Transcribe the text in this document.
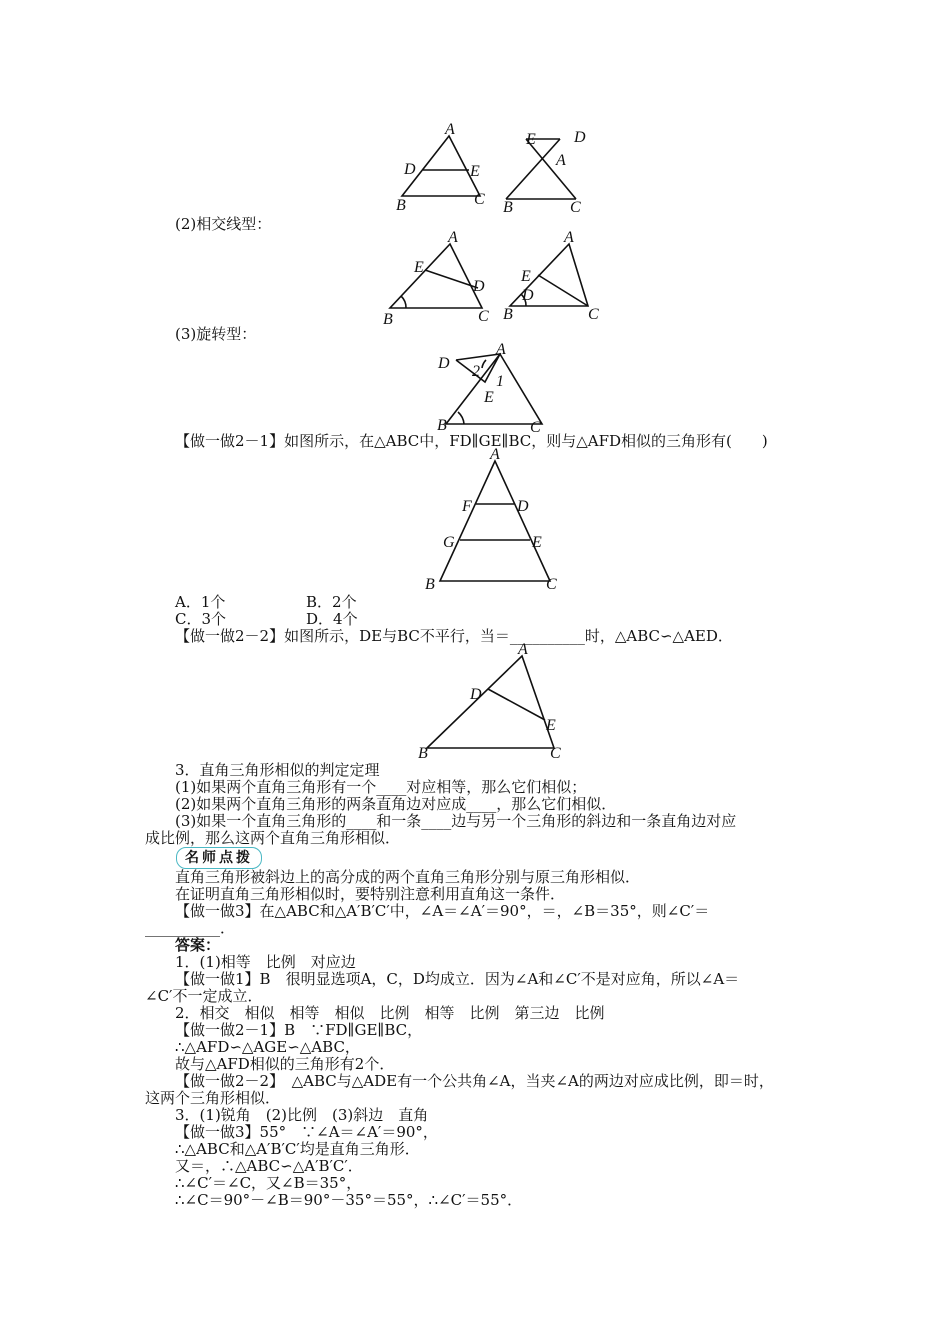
A
D	E
B	C
E D
A
B	C
(2)相交线型：
A
E
D
B	C
A
E
D
B	C
(3)旋转型：
A
D 2
1
E
B	C
【做一做2－1】如图所示，在△ABC中，FD∥GE∥BC，则与△AFD相似的三角形有(　　)
A
F	D
G	E
B	C
A．1个	B．2个
C．3个	D．4个
【做一做2－2】如图所示，DE与BC不平行，当＝__________时，△ABC∽△AED．
A
D
E
B	C
3．直角三角形相似的判定定理
(1)如果两个直角三角形有一个____对应相等，那么它们相似；
(2)如果两个直角三角形的两条直角边对应成____，那么它们相似．
(3)如果一个直角三角形的____和一条____边与另一个三角形的斜边和一条直角边对应
成比例，那么这两个直角三角形相似．
名师点拨
直角三角形被斜边上的高分成的两个直角三角形分别与原三角形相似．
在证明直角三角形相似时，要特别注意利用直角这一条件．
【做一做3】在△ABC和△A′B′C′中，∠A＝∠A′＝90°，＝，∠B＝35°，则∠C′＝
__________．
答案：
1．(1)相等　比例　对应边
【做一做1】B　很明显选项A，C，D均成立．因为∠A和∠C′不是对应角，所以∠A＝
∠C′不一定成立．
2．相交　相似　相等　相似　比例　相等　比例　第三边　比例
【做一做2－1】B　∵FD∥GE∥BC，
∴△AFD∽△AGE∽△ABC，
故与△AFD相似的三角形有2个．
【做一做2－2】　△ABC与△ADE有一个公共角∠A，当夹∠A的两边对应成比例，即＝时，
这两个三角形相似．
3．(1)锐角　(2)比例　(3)斜边　直角
【做一做3】55°　∵∠A＝∠A′＝90°，
∴△ABC和△A′B′C′均是直角三角形．
又＝，∴△ABC∽△A′B′C′．
∴∠C′＝∠C，又∠B＝35°，
∴∠C＝90°－∠B＝90°－35°＝55°，∴∠C′＝55°．
